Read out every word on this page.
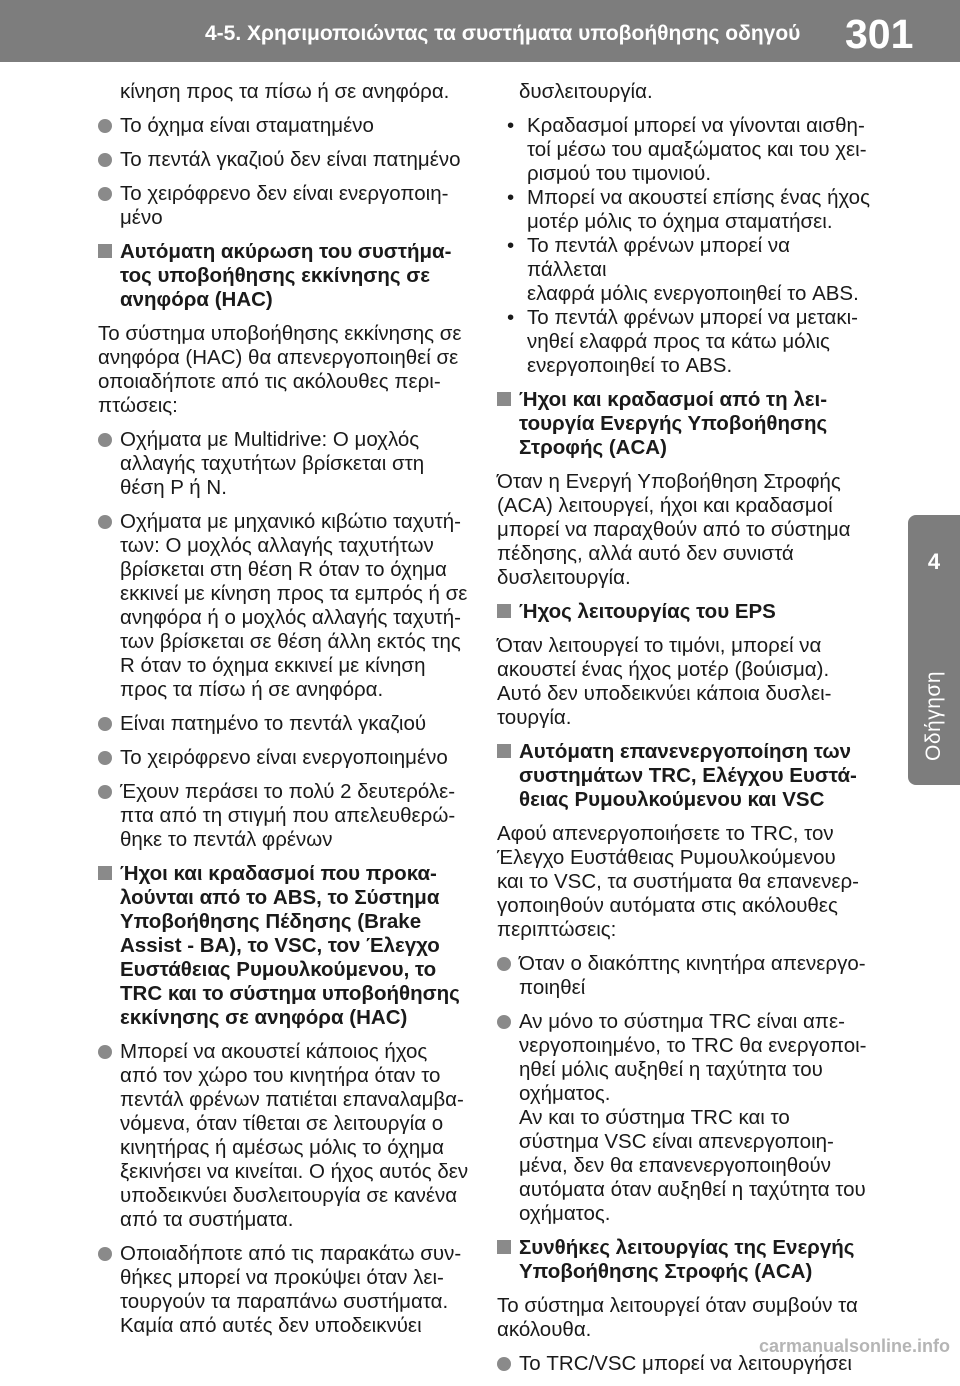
4-5. Χρησιμοποιώντας τα συστήματα υποβοήθησης οδηγού	301
4
Οδήγηση
κίνηση προς τα πίσω ή σε ανηφόρα.
Το όχημα είναι σταματημένο
Το πεντάλ γκαζιού δεν είναι πατημένο
Το χειρόφρενο δεν είναι ενεργοποιη-
μένο
Αυτόματη ακύρωση του συστήμα-
τος υποβοήθησης εκκίνησης σε
ανηφόρα (HAC)
Το σύστημα υποβοήθησης εκκίνησης σε
ανηφόρα (HAC) θα απενεργοποιηθεί σε
οποιαδήποτε από τις ακόλουθες περι-
πτώσεις:
Οχήματα με Multidrive: Ο μοχλός
αλλαγής ταχυτήτων βρίσκεται στη
θέση P ή N.
Οχήματα με μηχανικό κιβώτιο ταχυτή-
των: Ο μοχλός αλλαγής ταχυτήτων
βρίσκεται στη θέση R όταν το όχημα
εκκινεί με κίνηση προς τα εμπρός ή σε
ανηφόρα ή ο μοχλός αλλαγής ταχυτή-
των βρίσκεται σε θέση άλλη εκτός της
R όταν το όχημα εκκινεί με κίνηση
προς τα πίσω ή σε ανηφόρα.
Είναι πατημένο το πεντάλ γκαζιού
Το χειρόφρενο είναι ενεργοποιημένο
Έχουν περάσει το πολύ 2 δευτερόλε-
πτα από τη στιγμή που απελευθερώ-
θηκε το πεντάλ φρένων
Ήχοι και κραδασμοί που προκα-
λούνται από το ABS, το Σύστημα
Υποβοήθησης Πέδησης (Brake
Assist - BA), το VSC, τον Έλεγχο
Ευστάθειας Ρυμουλκούμενου, το
TRC και το σύστημα υποβοήθησης
εκκίνησης σε ανηφόρα (HAC)
Μπορεί να ακουστεί κάποιος ήχος
από τον χώρο του κινητήρα όταν το
πεντάλ φρένων πατιέται επαναλαμβα-
νόμενα, όταν τίθεται σε λειτουργία ο
κινητήρας ή αμέσως μόλις το όχημα
ξεκινήσει να κινείται. Ο ήχος αυτός δεν
υποδεικνύει δυσλειτουργία σε κανένα
από τα συστήματα.
Οποιαδήποτε από τις παρακάτω συν-
θήκες μπορεί να προκύψει όταν λει-
τουργούν τα παραπάνω συστήματα.
Καμία από αυτές δεν υποδεικνύει
δυσλειτουργία.
• Κραδασμοί μπορεί να γίνονται αισθη-
τοί μέσω του αμαξώματος και του χει-
ρισμού του τιμονιού.
• Μπορεί να ακουστεί επίσης ένας ήχος
μοτέρ μόλις το όχημα σταματήσει.
• Το πεντάλ φρένων μπορεί να πάλλεται
ελαφρά μόλις ενεργοποιηθεί το ABS.
• Το πεντάλ φρένων μπορεί να μετακι-
νηθεί ελαφρά προς τα κάτω μόλις
ενεργοποιηθεί το ABS.
Ήχοι και κραδασμοί από τη λει-
τουργία Ενεργής Υποβοήθησης
Στροφής (ACA)
Όταν η Ενεργή Υποβοήθηση Στροφής
(ACA) λειτουργεί, ήχοι και κραδασμοί
μπορεί να παραχθούν από το σύστημα
πέδησης, αλλά αυτό δεν συνιστά
δυσλειτουργία.
Ήχος λειτουργίας του EPS
Όταν λειτουργεί το τιμόνι, μπορεί να
ακουστεί ένας ήχος μοτέρ (βούισμα).
Αυτό δεν υποδεικνύει κάποια δυσλει-
τουργία.
Αυτόματη επανενεργοποίηση των
συστημάτων TRC, Ελέγχου Ευστά-
θειας Ρυμουλκούμενου και VSC
Αφού απενεργοποιήσετε το TRC, τον
Έλεγχο Ευστάθειας Ρυμουλκούμενου
και το VSC, τα συστήματα θα επανενερ-
γοποιηθούν αυτόματα στις ακόλουθες
περιπτώσεις:
Όταν ο διακόπτης κινητήρα απενεργο-
ποιηθεί
Αν μόνο το σύστημα TRC είναι απε-
νεργοποιημένο, το TRC θα ενεργοποι-
ηθεί μόλις αυξηθεί η ταχύτητα του
οχήματος.
Αν και το σύστημα TRC και το
σύστημα VSC είναι απενεργοποιη-
μένα, δεν θα επανενεργοποιηθούν
αυτόματα όταν αυξηθεί η ταχύτητα του
οχήματος.
Συνθήκες λειτουργίας της Ενεργής
Υποβοήθησης Στροφής (ACA)
Το σύστημα λειτουργεί όταν συμβούν τα
ακόλουθα.
Το TRC/VSC μπορεί να λειτουργήσει
carmanualsonline.info
